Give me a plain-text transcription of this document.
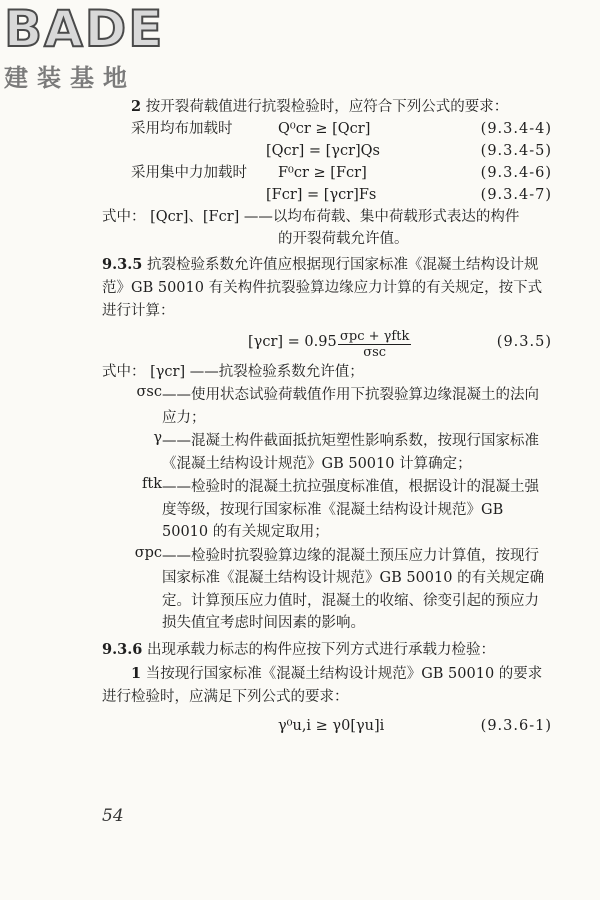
BADE
建装基地
2 按开裂荷载值进行抗裂检验时，应符合下列公式的要求：
采用均布加载时	Q⁰cr ≥ [Qcr]	(9.3.4-4)
[Qcr] = [γcr]Qs	(9.3.4-5)
采用集中力加载时 F⁰cr ≥ [Fcr]	(9.3.4-6)
[Fcr] = [γcr]Fs	(9.3.4-7)
式中： [Qcr]、[Fcr] ——以均布荷载、集中荷载形式表达的构件
的开裂荷载允许值。

9.3.5 抗裂检验系数允许值应根据现行国家标准《混凝土结构设计规范》GB 50010 有关构件抗裂验算边缘应力计算的有关规定，按下式进行计算：

[γcr] = 0.95 σpc + γftk
σsc
(9.3.5)
式中： [γcr] ——抗裂检验系数允许值；
σsc ——使用状态试验荷载值作用下抗裂验算边缘混凝土的法向应力；
γ ——混凝土构件截面抵抗矩塑性影响系数，按现行国家标准《混凝土结构设计规范》GB 50010 计算确定；
ftk ——检验时的混凝土抗拉强度标准值，根据设计的混凝土强度等级，按现行国家标准《混凝土结构设计规范》GB 50010 的有关规定取用；
σpc ——检验时抗裂验算边缘的混凝土预压应力计算值，按现行国家标准《混凝土结构设计规范》GB 50010 的有关规定确定。计算预压应力值时，混凝土的收缩、徐变引起的预应力损失值宜考虑时间因素的影响。

9.3.6 出现承载力标志的构件应按下列方式进行承载力检验：

1 当按现行国家标准《混凝土结构设计规范》GB 50010 的要求进行检验时，应满足下列公式的要求：

γ⁰u,i ≥ γ0[γu]i	(9.3.6-1)
54
